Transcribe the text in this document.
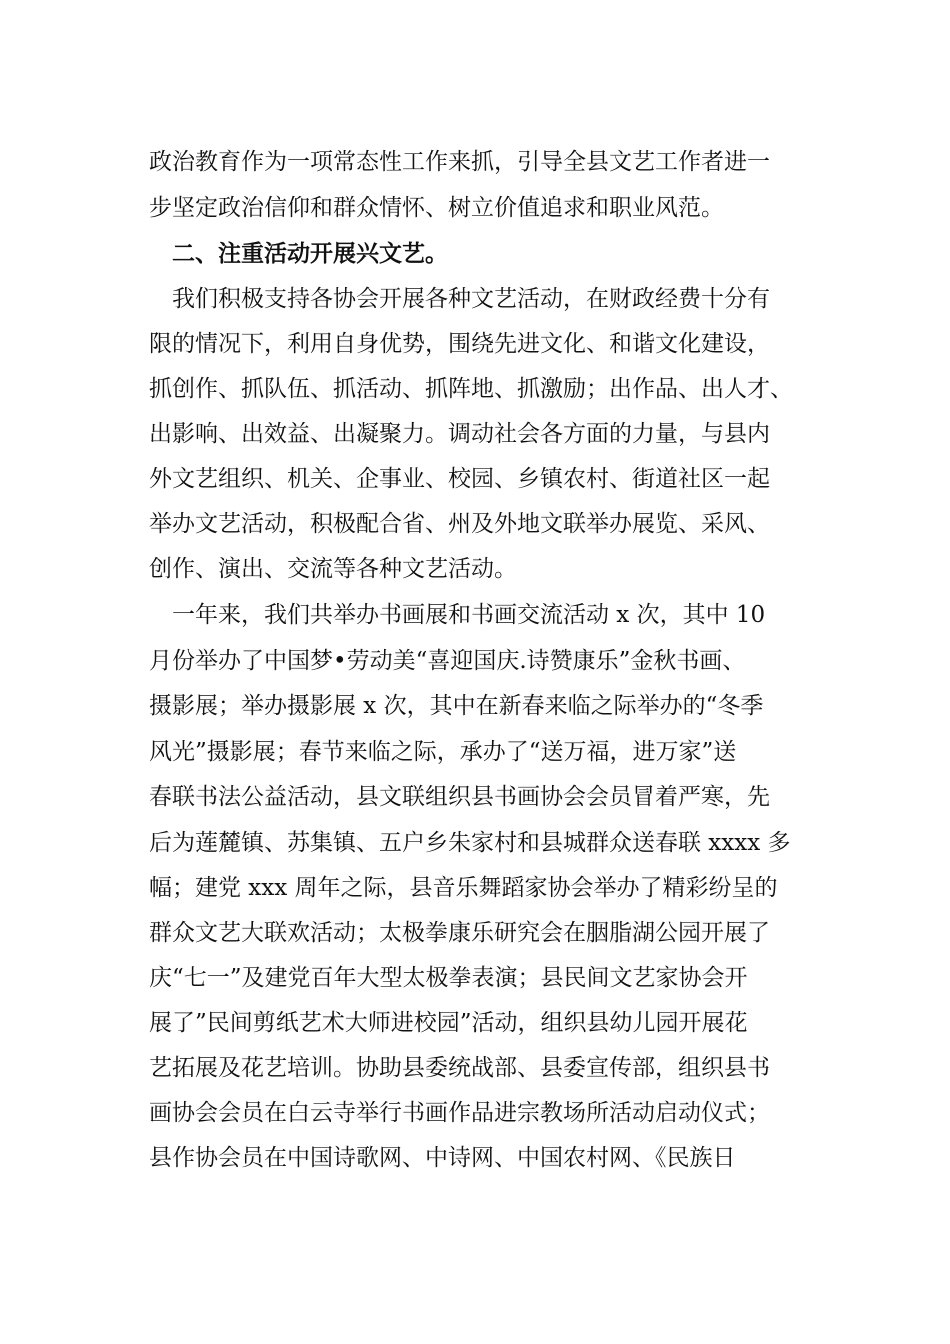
政治教育作为一项常态性工作来抓，引导全县文艺工作者进一
步坚定政治信仰和群众情怀、树立价值追求和职业风范。
　二、注重活动开展兴文艺。
　我们积极支持各协会开展各种文艺活动，在财政经费十分有
限的情况下，利用自身优势，围绕先进文化、和谐文化建设，
抓创作、抓队伍、抓活动、抓阵地、抓激励；出作品、出人才、
出影响、出效益、出凝聚力。调动社会各方面的力量，与县内
外文艺组织、机关、企事业、校园、乡镇农村、街道社区一起
举办文艺活动，积极配合省、州及外地文联举办展览、采风、
创作、演出、交流等各种文艺活动。
　一年来，我们共举办书画展和书画交流活动 x 次，其中 10
月份举办了中国梦•劳动美“喜迎国庆.诗赞康乐”金秋书画、
摄影展；举办摄影展 x 次，其中在新春来临之际举办的“冬季
风光”摄影展；春节来临之际，承办了“送万福，进万家”送
春联书法公益活动，县文联组织县书画协会会员冒着严寒，先
后为莲麓镇、苏集镇、五户乡朱家村和县城群众送春联 xxxx 多
幅；建党 xxx 周年之际，县音乐舞蹈家协会举办了精彩纷呈的
群众文艺大联欢活动；太极拳康乐研究会在胭脂湖公园开展了
庆“七一”及建党百年大型太极拳表演；县民间文艺家协会开
展了”民间剪纸艺术大师进校园”活动，组织县幼儿园开展花
艺拓展及花艺培训。协助县委统战部、县委宣传部，组织县书
画协会会员在白云寺举行书画作品进宗教场所活动启动仪式；
县作协会员在中国诗歌网、中诗网、中国农村网、《民族日
